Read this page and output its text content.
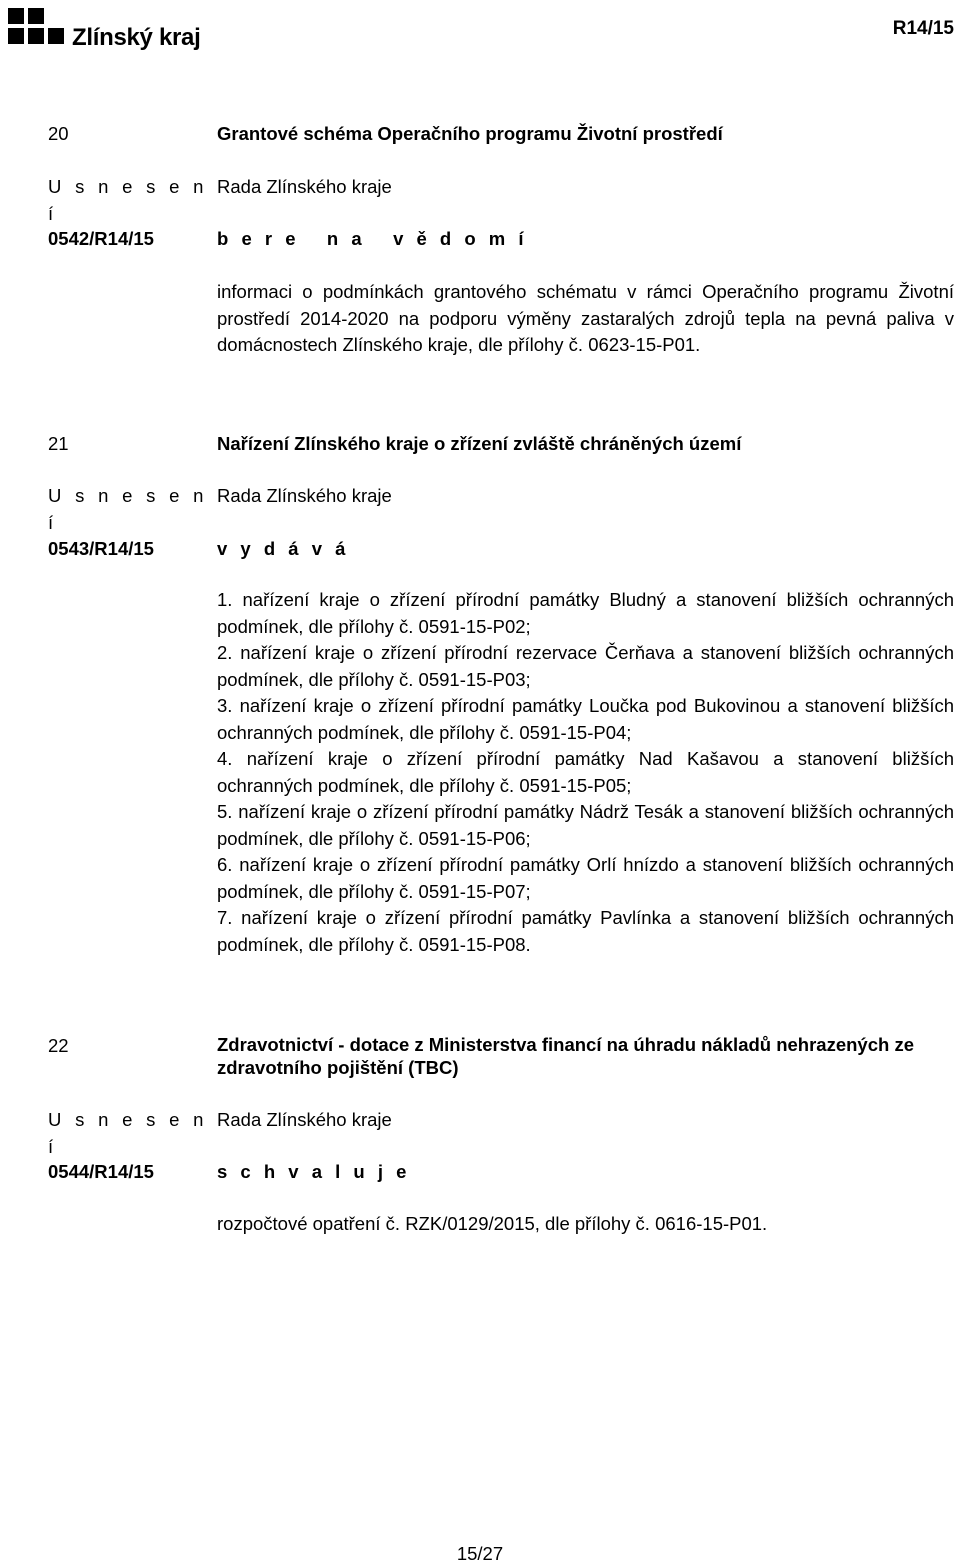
Zlínský kraj	R14/15
20	Grantové schéma Operačního programu Životní prostředí
U s n e s e n í
Rada Zlínského kraje
0542/R14/15	b e r e   n a   v ě d o m í
informaci o podmínkách grantového schématu v rámci Operačního programu Životní prostředí 2014-2020 na podporu výměny zastaralých zdrojů tepla na pevná paliva v domácnostech Zlínského kraje, dle přílohy č. 0623-15-P01.
21	Nařízení Zlínského kraje o zřízení zvláště chráněných území
U s n e s e n í
Rada Zlínského kraje
0543/R14/15	v y d á v á
1. nařízení kraje o zřízení přírodní památky Bludný a stanovení bližších ochranných podmínek, dle přílohy č. 0591-15-P02;
2. nařízení kraje o zřízení přírodní rezervace Čerňava a stanovení bližších ochranných podmínek, dle přílohy č. 0591-15-P03;
3. nařízení kraje o zřízení přírodní památky Loučka pod Bukovinou a stanovení bližších ochranných podmínek, dle přílohy č. 0591-15-P04;
4. nařízení kraje o zřízení přírodní památky Nad Kašavou a stanovení bližších ochranných podmínek, dle přílohy č. 0591-15-P05;
5. nařízení kraje o zřízení přírodní památky Nádrž Tesák a stanovení bližších ochranných podmínek, dle přílohy č. 0591-15-P06;
6. nařízení kraje o zřízení přírodní památky Orlí hnízdo a stanovení bližších ochranných podmínek, dle přílohy č. 0591-15-P07;
7. nařízení kraje o zřízení přírodní památky Pavlínka a stanovení bližších ochranných podmínek, dle přílohy č. 0591-15-P08.
22	Zdravotnictví - dotace z Ministerstva financí na úhradu nákladů nehrazených ze zdravotního pojištění (TBC)
U s n e s e n í
Rada Zlínského kraje
0544/R14/15	s c h v a l u j e
rozpočtové opatření č. RZK/0129/2015, dle přílohy č. 0616-15-P01.
15/27
